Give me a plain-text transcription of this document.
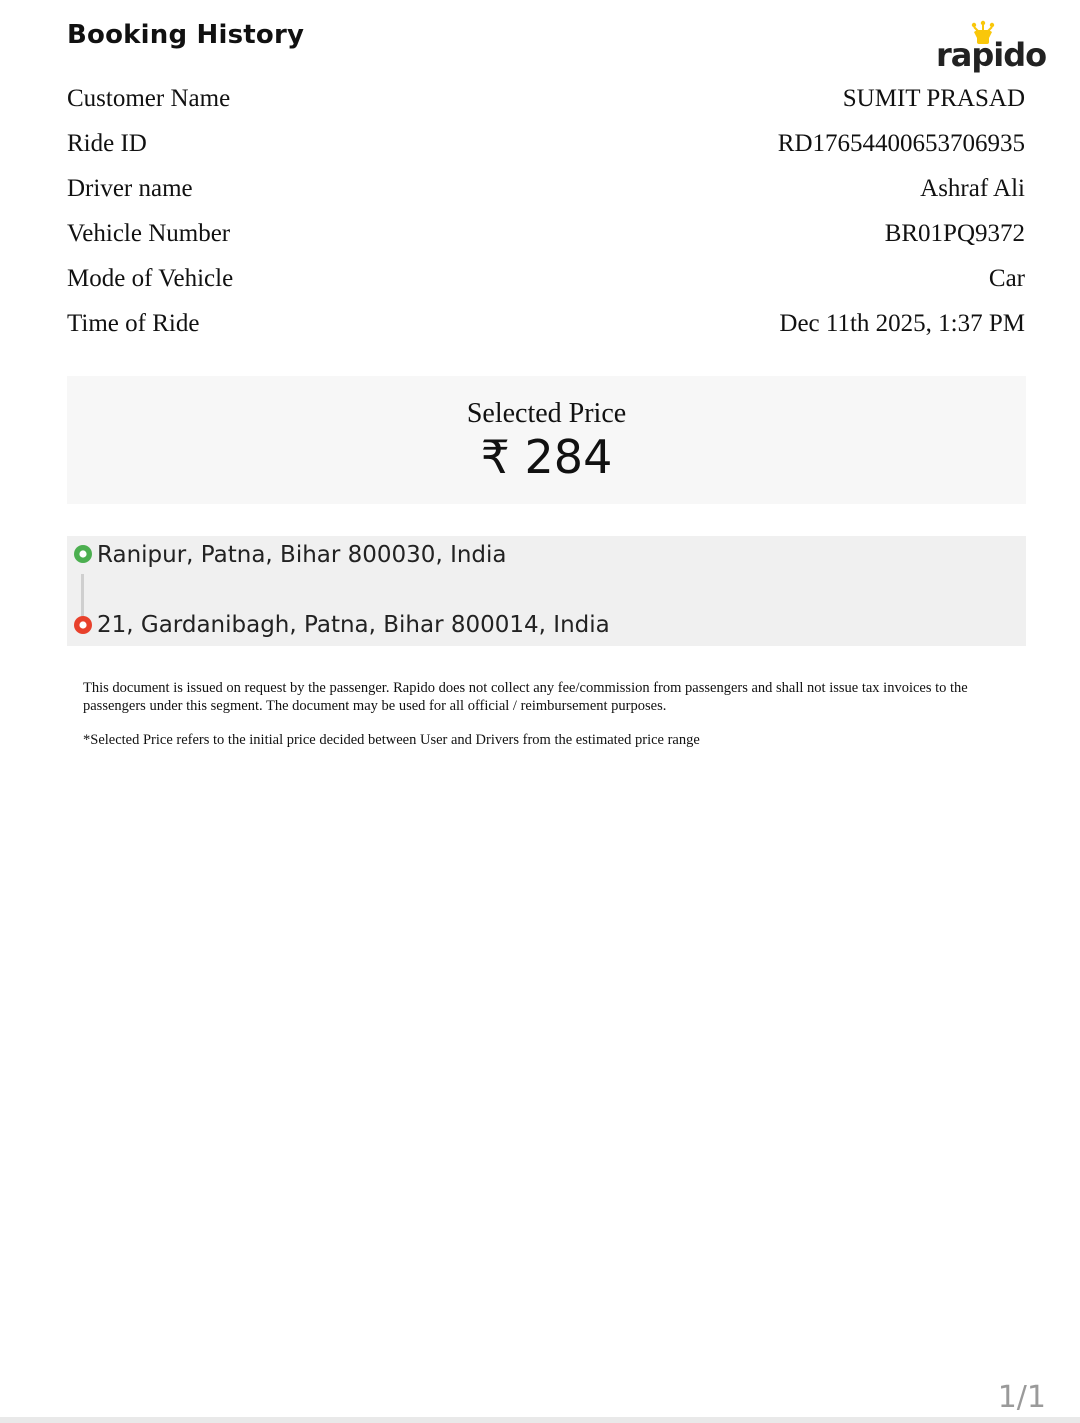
Booking History
rapido
Customer Name	SUMIT PRASAD
Ride ID	RD17654400653706935
Driver name	Ashraf Ali
Vehicle Number	BR01PQ9372
Mode of Vehicle	Car
Time of Ride	Dec 11th 2025, 1:37 PM
Selected Price
₹ 284
Ranipur, Patna, Bihar 800030, India
21, Gardanibagh, Patna, Bihar 800014, India

This document is issued on request by the passenger. Rapido does not collect any fee/commission from passengers and shall not issue tax invoices to the passengers under this segment. The document may be used for all official / reimbursement purposes.

*Selected Price refers to the initial price decided between User and Drivers from the estimated price range

1/1
